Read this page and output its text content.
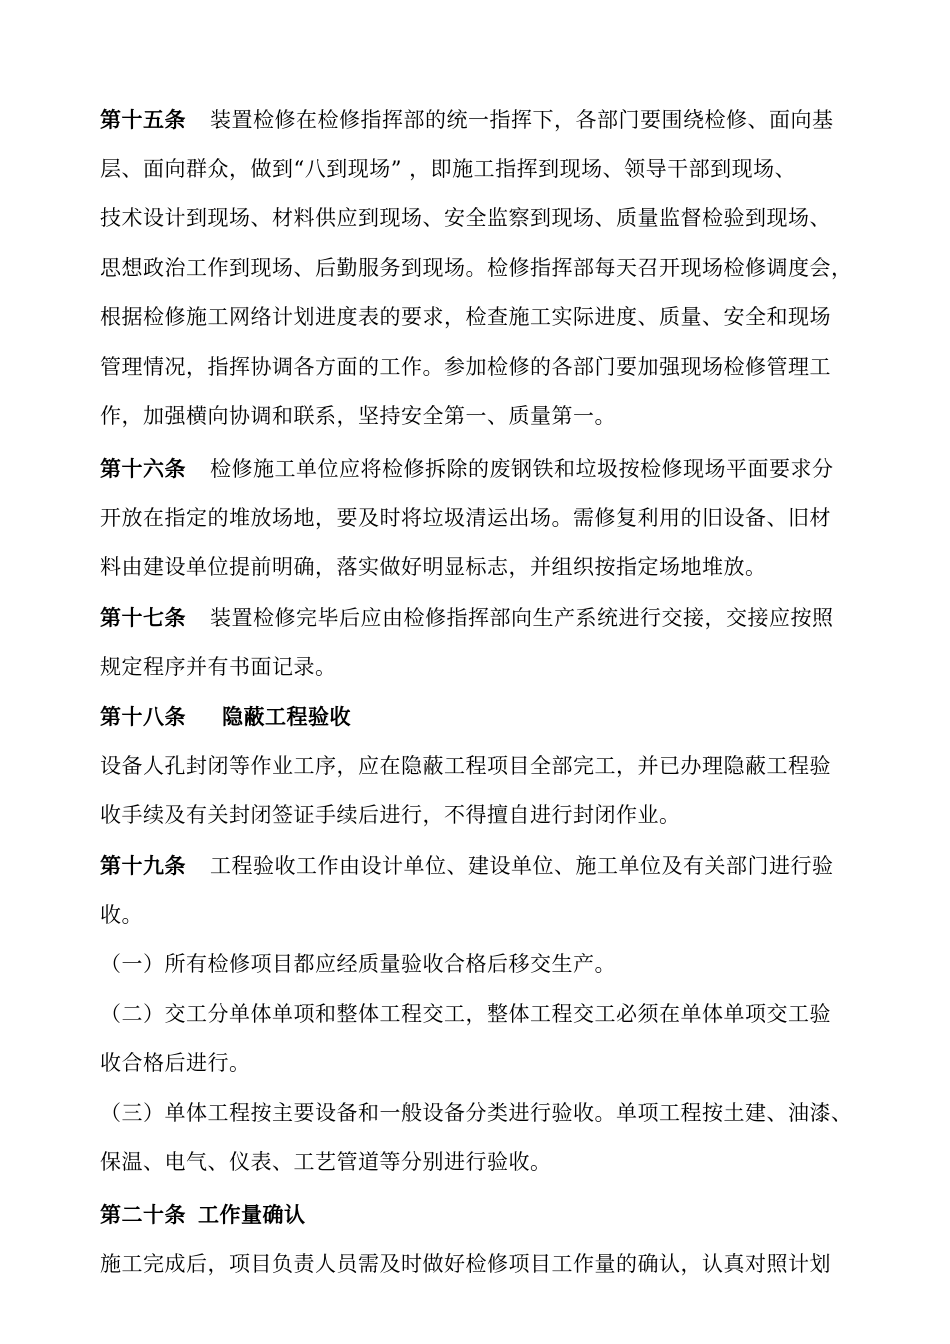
第十五条 装置检修在检修指挥部的统一指挥下，各部门要围绕检修、面向基
层、面向群众，做到“八到现场” ，即施工指挥到现场、领导干部到现场、
技术设计到现场、材料供应到现场、安全监察到现场、质量监督检验到现场、
思想政治工作到现场、后勤服务到现场。检修指挥部每天召开现场检修调度会，
根据检修施工网络计划进度表的要求，检查施工实际进度、质量、安全和现场
管理情况，指挥协调各方面的工作。参加检修的各部门要加强现场检修管理工
作，加强横向协调和联系，坚持安全第一、质量第一。
第十六条 检修施工单位应将检修拆除的废钢铁和垃圾按检修现场平面要求分
开放在指定的堆放场地，要及时将垃圾清运出场。需修复利用的旧设备、旧材
料由建设单位提前明确，落实做好明显标志，并组织按指定场地堆放。
第十七条 装置检修完毕后应由检修指挥部向生产系统进行交接，交接应按照
规定程序并有书面记录。
第十八条 隐蔽工程验收
设备人孔封闭等作业工序，应在隐蔽工程项目全部完工，并已办理隐蔽工程验
收手续及有关封闭签证手续后进行，不得擅自进行封闭作业。
第十九条 工程验收工作由设计单位、建设单位、施工单位及有关部门进行验
收。
（一）所有检修项目都应经质量验收合格后移交生产。
（二）交工分单体单项和整体工程交工，整体工程交工必须在单体单项交工验
收合格后进行。
（三）单体工程按主要设备和一般设备分类进行验收。单项工程按土建、油漆、
保温、电气、仪表、工艺管道等分别进行验收。
第二十条 工作量确认
施工完成后，项目负责人员需及时做好检修项目工作量的确认，认真对照计划
